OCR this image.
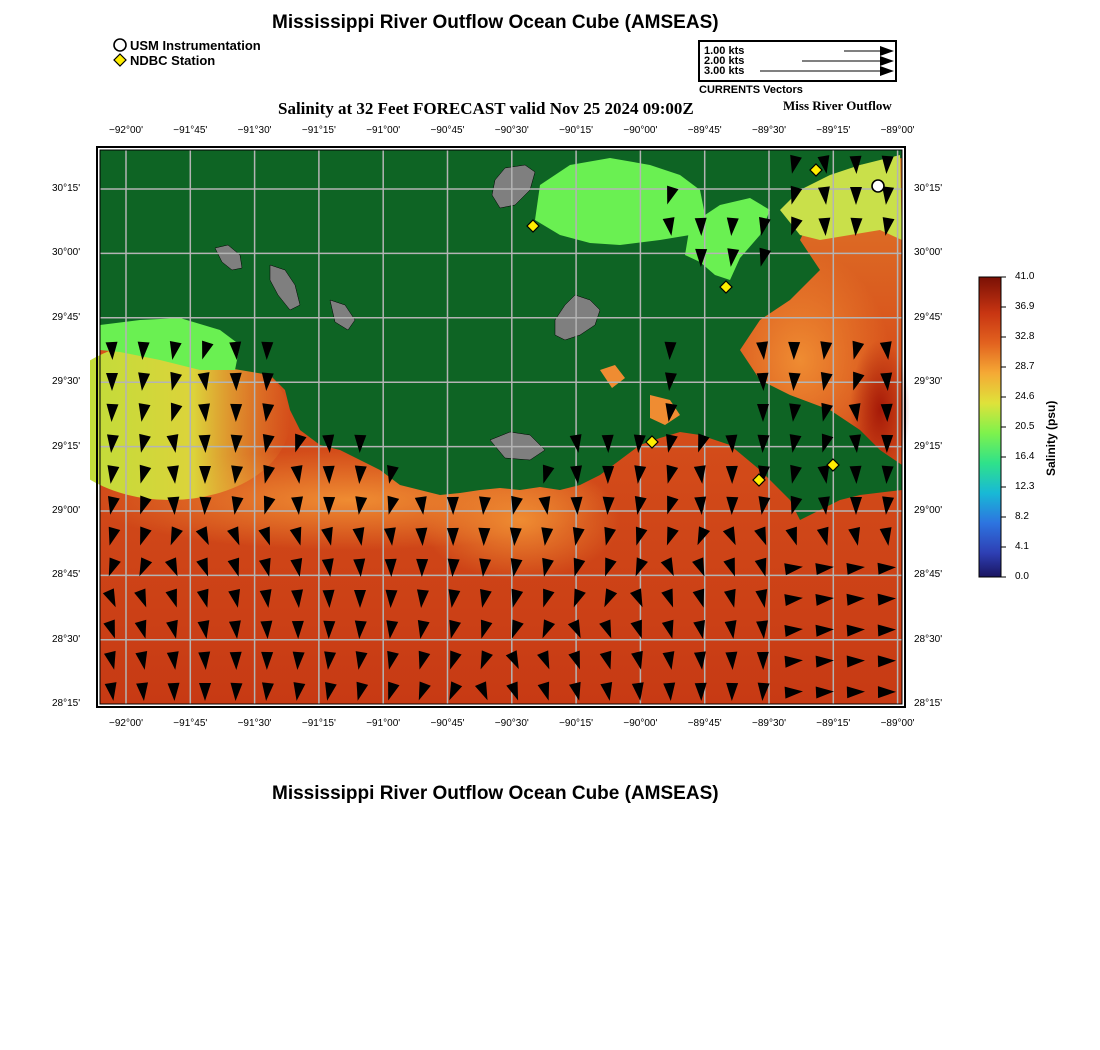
Mississippi River Outflow Ocean Cube (AMSEAS)
USM Instrumentation
NDBC Station
1.00 kts
2.00 kts
3.00 kts
CURRENTS Vectors
Salinity at 32 Feet FORECAST valid Nov 25 2024 09:00Z	Miss River Outflow
−92°00'	−91°45'	−91°30'	−91°15'	−91°00'	−90°45'	−90°30'	−90°15'	−90°00'	−89°45'	−89°30'	−89°15'	−89°00'
−92°00'	−91°45'	−91°30'	−91°15'	−91°00'	−90°45'	−90°30'	−90°15'	−90°00'	−89°45'	−89°30'	−89°15'	−89°00'
30°15'
30°00'
29°45'
29°30'
29°15'
29°00'
28°45'
28°30'
28°15'
30°15'
30°00'
29°45'
29°30'
29°15'
29°00'
28°45'
28°30'
28°15'
41.0
36.9
32.8
28.7
24.6
20.5
16.4
12.3
8.2
4.1
0.0
Salinity (psu)
Mississippi River Outflow Ocean Cube (AMSEAS)
